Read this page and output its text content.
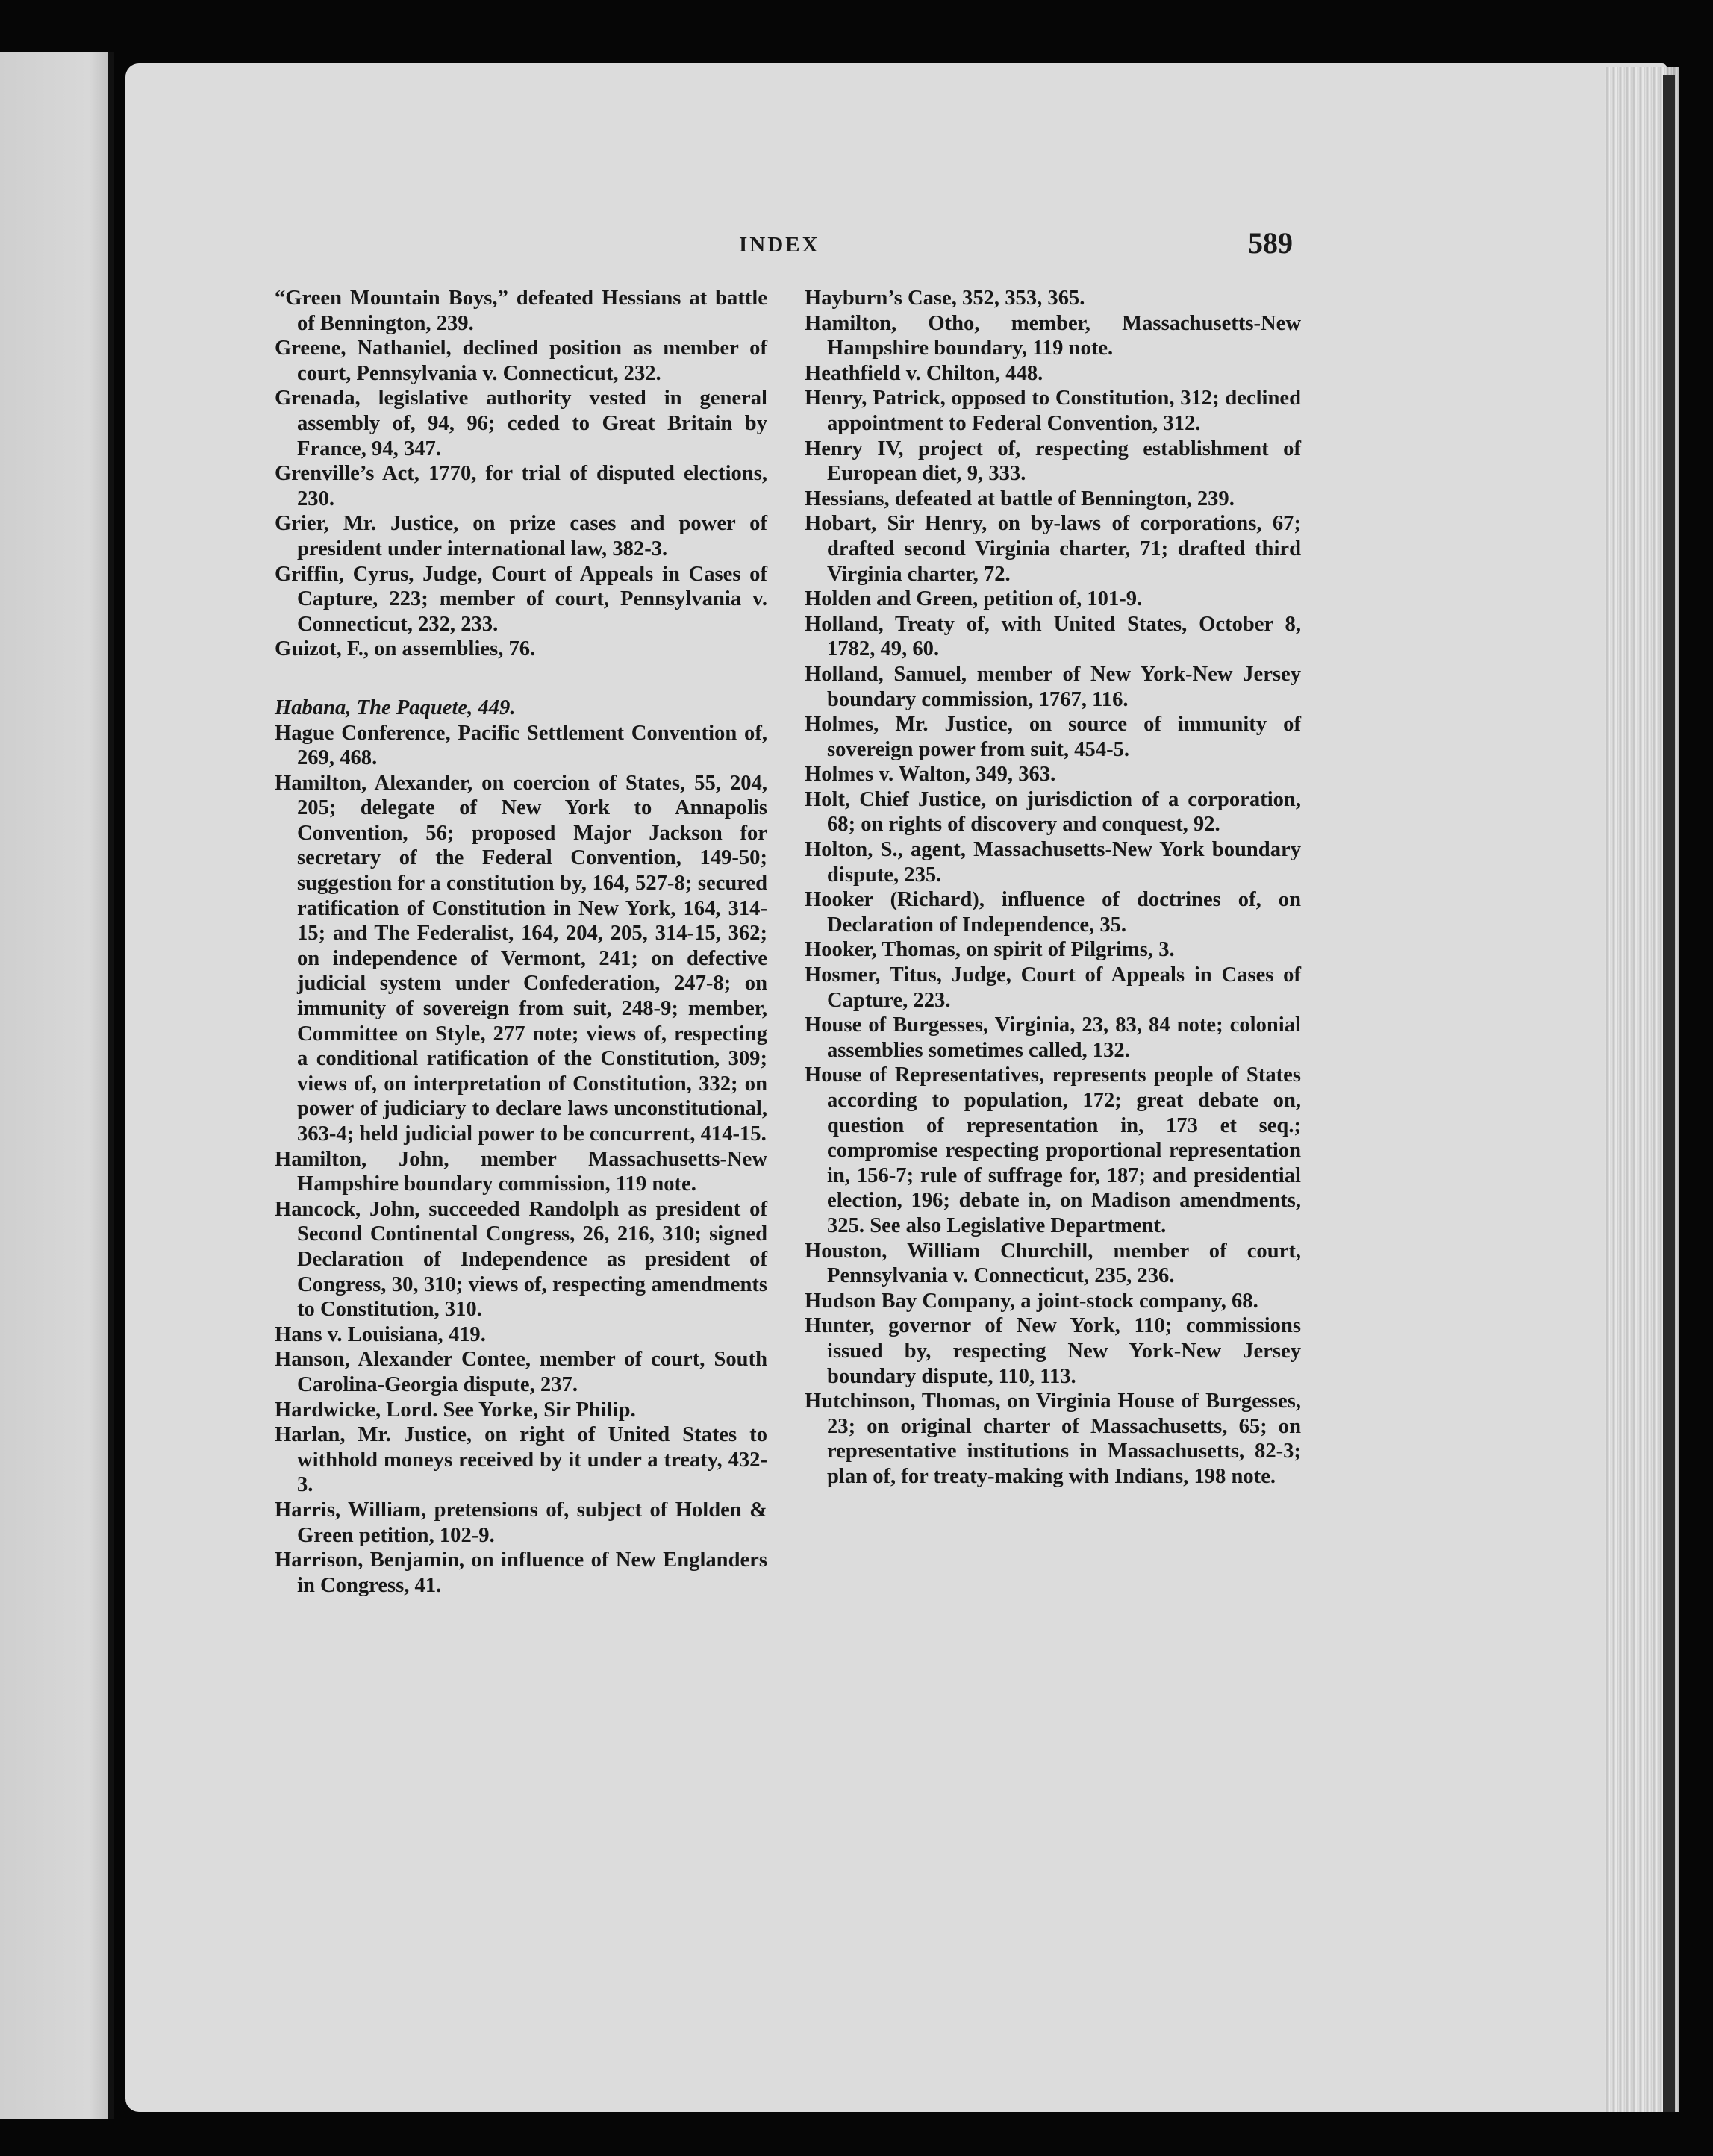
INDEX	589

“Green Mountain Boys,” defeated Hessians at battle of Bennington, 239.

Greene, Nathaniel, declined position as member of court, Pennsylvania v. Connecticut, 232.

Grenada, legislative authority vested in general assembly of, 94, 96; ceded to Great Britain by France, 94, 347.

Grenville’s Act, 1770, for trial of disputed elections, 230.

Grier, Mr. Justice, on prize cases and power of president under international law, 382-3.

Griffin, Cyrus, Judge, Court of Appeals in Cases of Capture, 223; member of court, Pennsylvania v. Connecticut, 232, 233.

Guizot, F., on assemblies, 76.

Habana, The Paquete, 449.

Hague Conference, Pacific Settlement Convention of, 269, 468.

Hamilton, Alexander, on coercion of States, 55, 204, 205; delegate of New York to Annapolis Convention, 56; proposed Major Jackson for secretary of the Federal Convention, 149-50; suggestion for a constitution by, 164, 527-8; secured ratification of Constitution in New York, 164, 314-15; and The Federalist, 164, 204, 205, 314-15, 362; on independence of Vermont, 241; on defective judicial system under Confederation, 247-8; on immunity of sovereign from suit, 248-9; member, Committee on Style, 277 note; views of, respecting a conditional ratification of the Constitution, 309; views of, on interpretation of Constitution, 332; on power of judiciary to declare laws unconstitutional, 363-4; held judicial power to be concurrent, 414-15.

Hamilton, John, member Massachusetts-New Hampshire boundary commission, 119 note.

Hancock, John, succeeded Randolph as president of Second Continental Congress, 26, 216, 310; signed Declaration of Independence as president of Congress, 30, 310; views of, respecting amendments to Constitution, 310.

Hans v. Louisiana, 419.

Hanson, Alexander Contee, member of court, South Carolina-Georgia dispute, 237.

Hardwicke, Lord. See Yorke, Sir Philip.

Harlan, Mr. Justice, on right of United States to withhold moneys received by it under a treaty, 432-3.

Harris, William, pretensions of, subject of Holden & Green petition, 102-9.

Harrison, Benjamin, on influence of New Englanders in Congress, 41.

Hayburn’s Case, 352, 353, 365.

Hamilton, Otho, member, Massachusetts-New Hampshire boundary, 119 note.

Heathfield v. Chilton, 448.

Henry, Patrick, opposed to Constitution, 312; declined appointment to Federal Convention, 312.

Henry IV, project of, respecting establishment of European diet, 9, 333.

Hessians, defeated at battle of Bennington, 239.

Hobart, Sir Henry, on by-laws of corporations, 67; drafted second Virginia charter, 71; drafted third Virginia charter, 72.

Holden and Green, petition of, 101-9.

Holland, Treaty of, with United States, October 8, 1782, 49, 60.

Holland, Samuel, member of New York-New Jersey boundary commission, 1767, 116.

Holmes, Mr. Justice, on source of immunity of sovereign power from suit, 454-5.

Holmes v. Walton, 349, 363.

Holt, Chief Justice, on jurisdiction of a corporation, 68; on rights of discovery and conquest, 92.

Holton, S., agent, Massachusetts-New York boundary dispute, 235.

Hooker (Richard), influence of doctrines of, on Declaration of Independence, 35.

Hooker, Thomas, on spirit of Pilgrims, 3.

Hosmer, Titus, Judge, Court of Appeals in Cases of Capture, 223.

House of Burgesses, Virginia, 23, 83, 84 note; colonial assemblies sometimes called, 132.

House of Representatives, represents people of States according to population, 172; great debate on, question of representation in, 173 et seq.; compromise respecting proportional representation in, 156-7; rule of suffrage for, 187; and presidential election, 196; debate in, on Madison amendments, 325. See also Legislative Department.

Houston, William Churchill, member of court, Pennsylvania v. Connecticut, 235, 236.

Hudson Bay Company, a joint-stock company, 68.

Hunter, governor of New York, 110; commissions issued by, respecting New York-New Jersey boundary dispute, 110, 113.

Hutchinson, Thomas, on Virginia House of Burgesses, 23; on original charter of Massachusetts, 65; on representative institutions in Massachusetts, 82-3; plan of, for treaty-making with Indians, 198 note.
